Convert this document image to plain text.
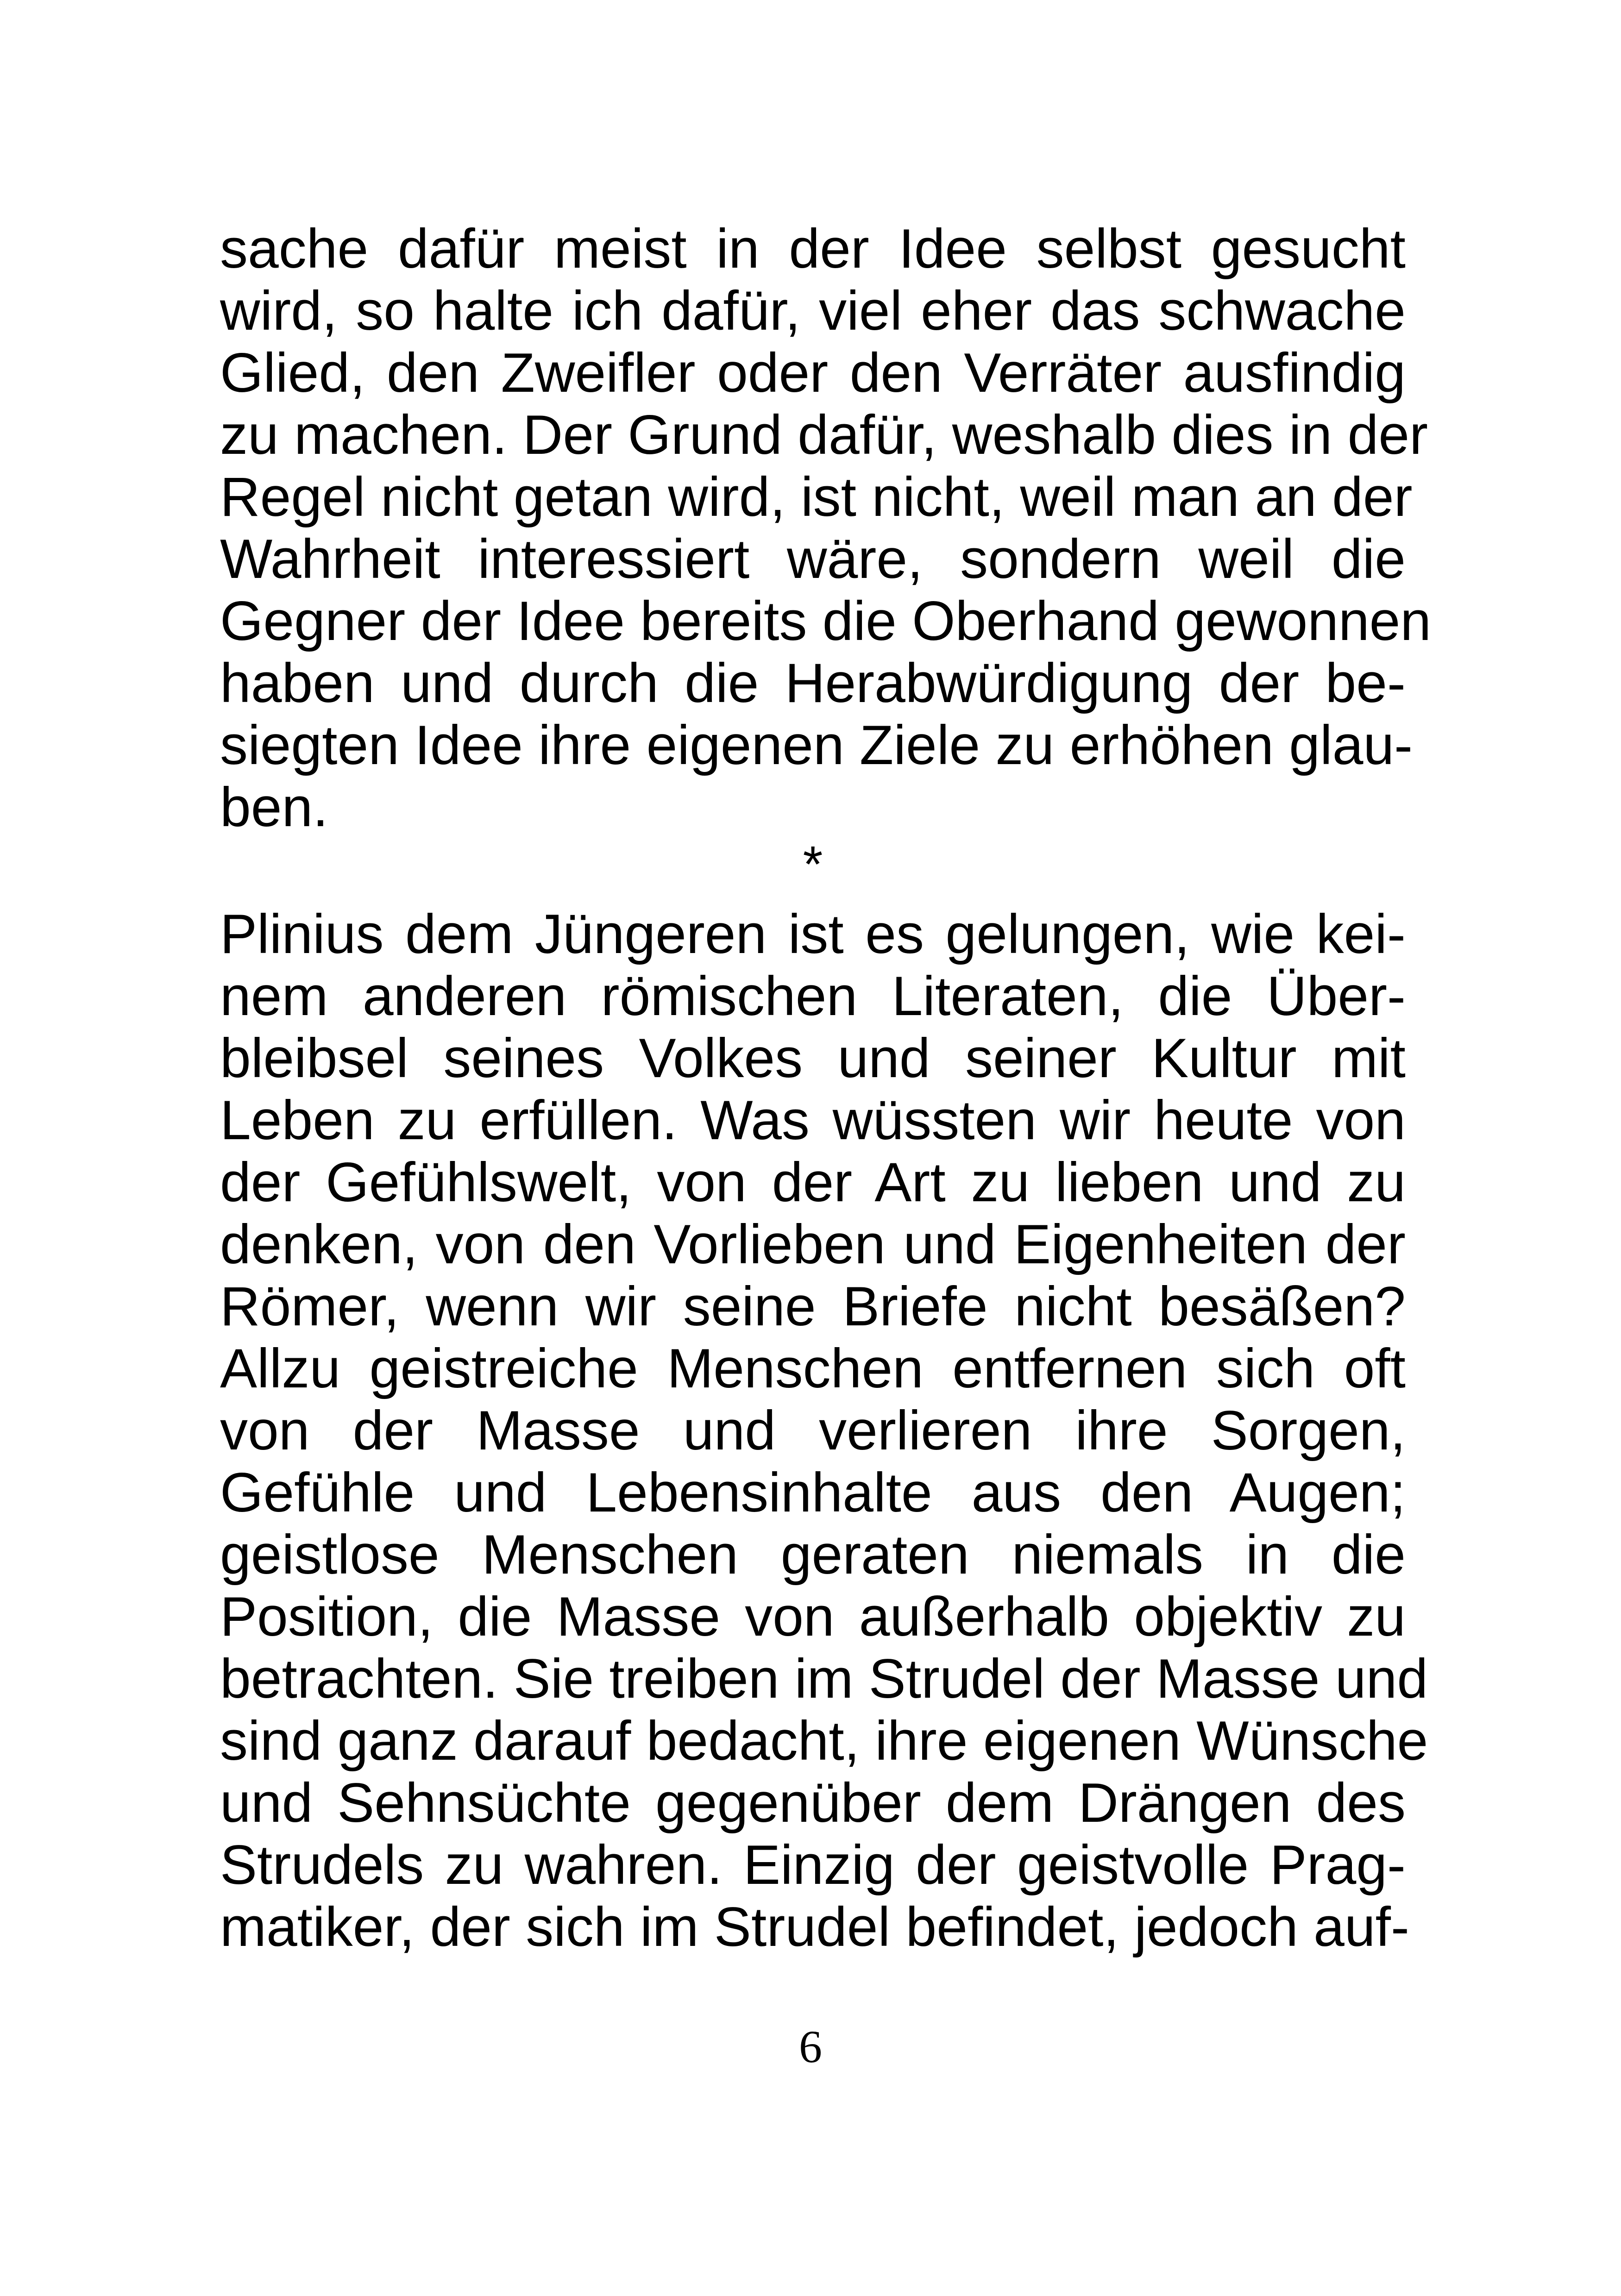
sache dafür meist in der Idee selbst gesucht
wird, so halte ich dafür, viel eher das schwache
Glied, den Zweifler oder den Verräter ausfindig
zu machen. Der Grund dafür, weshalb dies in der
Regel nicht getan wird, ist nicht, weil man an der
Wahrheit interessiert wäre, sondern weil die
Gegner der Idee bereits die Oberhand gewonnen
haben und durch die Herabwürdigung der be-
siegten Idee ihre eigenen Ziele zu erhöhen glau-
ben.
*
Plinius dem Jüngeren ist es gelungen, wie kei-
nem anderen römischen Literaten, die Über-
bleibsel seines Volkes und seiner Kultur mit
Leben zu erfüllen. Was wüssten wir heute von
der Gefühlswelt, von der Art zu lieben und zu
denken, von den Vorlieben und Eigenheiten der
Römer, wenn wir seine Briefe nicht besäßen?
Allzu geistreiche Menschen entfernen sich oft
von der Masse und verlieren ihre Sorgen,
Gefühle und Lebensinhalte aus den Augen;
geistlose Menschen geraten niemals in die
Position, die Masse von außerhalb objektiv zu
betrachten. Sie treiben im Strudel der Masse und
sind ganz darauf bedacht, ihre eigenen Wünsche
und Sehnsüchte gegenüber dem Drängen des
Strudels zu wahren. Einzig der geistvolle Prag-
matiker, der sich im Strudel befindet, jedoch auf-
6
